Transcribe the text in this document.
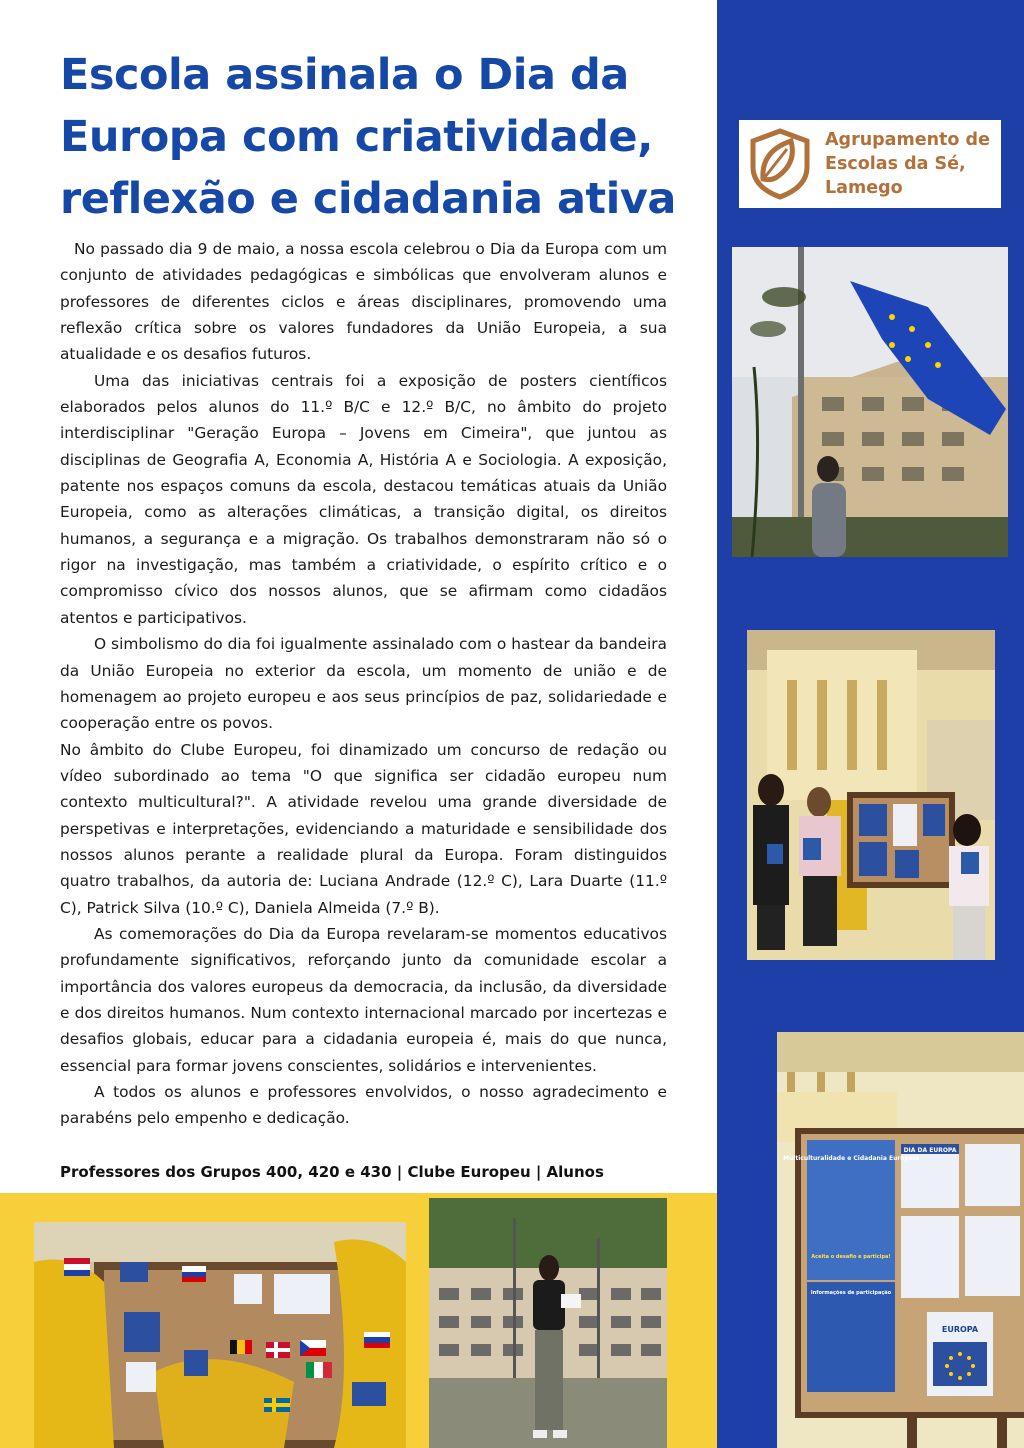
Escola assinala o Dia da Europa com criatividade, reflexão e cidadania ativa

No passado dia 9 de maio, a nossa escola celebrou o Dia da Europa com um conjunto de atividades pedagógicas e simbólicas que envolveram alunos e professores de diferentes ciclos e áreas disciplinares, promovendo uma reflexão crítica sobre os valores fundadores da União Europeia, a sua atualidade e os desafios futuros.

Uma das iniciativas centrais foi a exposição de posters científicos elaborados pelos alunos do 11.º B/C e 12.º B/C, no âmbito do projeto interdisciplinar "Geração Europa – Jovens em Cimeira", que juntou as disciplinas de Geografia A, Economia A, História A e Sociologia. A exposição, patente nos espaços comuns da escola, destacou temáticas atuais da União Europeia, como as alterações climáticas, a transição digital, os direitos humanos, a segurança e a migração. Os trabalhos demonstraram não só o rigor na investigação, mas também a criatividade, o espírito crítico e o compromisso cívico dos nossos alunos, que se afirmam como cidadãos atentos e participativos.

O simbolismo do dia foi igualmente assinalado com o hastear da bandeira da União Europeia no exterior da escola, um momento de união e de homenagem ao projeto europeu e aos seus princípios de paz, solidariedade e cooperação entre os povos.

No âmbito do Clube Europeu, foi dinamizado um concurso de redação ou vídeo subordinado ao tema "O que significa ser cidadão europeu num contexto multicultural?". A atividade revelou uma grande diversidade de perspetivas e interpretações, evidenciando a maturidade e sensibilidade dos nossos alunos perante a realidade plural da Europa. Foram distinguidos quatro trabalhos, da autoria de: Luciana Andrade (12.º C), Lara Duarte (11.º C), Patrick Silva (10.º C), Daniela Almeida (7.º B).

As comemorações do Dia da Europa revelaram-se momentos educativos profundamente significativos, reforçando junto da comunidade escolar a importância dos valores europeus da democracia, da inclusão, da diversidade e dos direitos humanos. Num contexto internacional marcado por incertezas e desafios globais, educar para a cidadania europeia é, mais do que nunca, essencial para formar jovens conscientes, solidários e intervenientes.

A todos os alunos e professores envolvidos, o nosso agradecimento e parabéns pelo empenho e dedicação.

Professores dos Grupos 400, 420 e 430 | Clube Europeu | Alunos
Agrupamento de
Escolas da Sé,
Lamego
Multiculturalidade e Cidadania Europeia
DIA DA EUROPA
Aceita o desafio e participa!
Informações de participação
EUROPA
